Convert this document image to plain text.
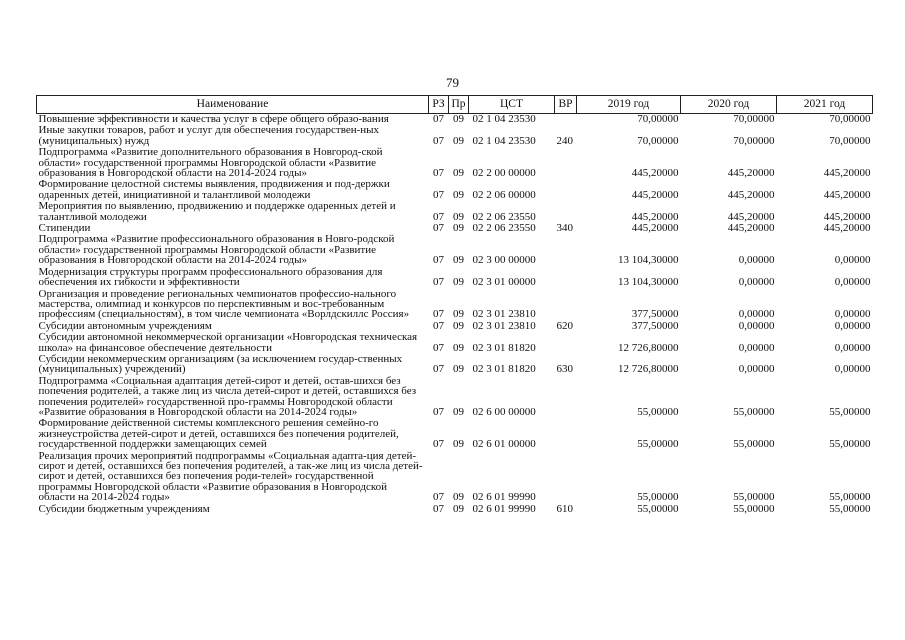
79
Наименование	РЗ	Пр	ЦСТ	ВР	2019 год	2020 год	2021 год
Повышение эффективности и качества услуг в сфере общего образо-вания	07	09	02 1 04 23530		70,00000	70,00000	70,00000
Иные закупки товаров, работ и услуг для обеспечения государствен-ных (муниципальных) нужд	07	09	02 1 04 23530	240	70,00000	70,00000	70,00000
Подпрограмма «Развитие дополнительного образования в Новгород-ской области» государственной программы Новгородской области «Развитие образования в Новгородской области на 2014-2024 годы»	07	09	02 2 00 00000		445,20000	445,20000	445,20000
Формирование целостной системы выявления, продвижения и под-держки одаренных детей, инициативной и талантливой молодежи	07	09	02 2 06 00000		445,20000	445,20000	445,20000
Мероприятия по выявлению, продвижению и поддержке одаренных детей и талантливой молодежи	07	09	02 2 06 23550		445,20000	445,20000	445,20000
Стипендии	07	09	02 2 06 23550	340	445,20000	445,20000	445,20000
Подпрограмма «Развитие профессионального образования в Новго-родской области» государственной программы Новгородской области «Развитие образования в Новгородской области на 2014-2024 годы»	07	09	02 3 00 00000		13 104,30000	0,00000	0,00000
Модернизация структуры программ профессионального образования для обеспечения их гибкости и эффективности	07	09	02 3 01 00000		13 104,30000	0,00000	0,00000
Организация и проведение региональных чемпионатов профессио-нального мастерства, олимпиад и конкурсов по перспективным и вос-требованным профессиям (специальностям), в том числе чемпионата «Ворлдскиллс Россия»	07	09	02 3 01 23810		377,50000	0,00000	0,00000
Субсидии автономным учреждениям	07	09	02 3 01 23810	620	377,50000	0,00000	0,00000
Субсидии автономной некоммерческой организации «Новгородская техническая школа» на финансовое обеспечение деятельности	07	09	02 3 01 81820		12 726,80000	0,00000	0,00000
Субсидии некоммерческим организациям (за исключением государ-ственных (муниципальных) учреждений)	07	09	02 3 01 81820	630	12 726,80000	0,00000	0,00000
Подпрограмма «Социальная адаптация детей-сирот и детей, остав-шихся без попечения родителей, а также лиц из числа детей-сирот и детей, оставшихся без попечения родителей» государственной про-граммы Новгородской области «Развитие образования в Новгородской области на 2014-2024 годы»	07	09	02 6 00 00000		55,00000	55,00000	55,00000
Формирование действенной системы комплексного решения семейно-го жизнеустройства детей-сирот и детей, оставшихся без попечения родителей, государственной поддержки замещающих семей	07	09	02 6 01 00000		55,00000	55,00000	55,00000
Реализация прочих мероприятий подпрограммы «Социальная адапта-ция детей-сирот и детей, оставшихся без попечения родителей, а так-же лиц из числа детей-сирот и детей, оставшихся без попечения роди-телей» государственной программы Новгородской области «Развитие образования в Новгородской области на 2014-2024 годы»	07	09	02 6 01 99990		55,00000	55,00000	55,00000
Субсидии бюджетным учреждениям	07	09	02 6 01 99990	610	55,00000	55,00000	55,00000
